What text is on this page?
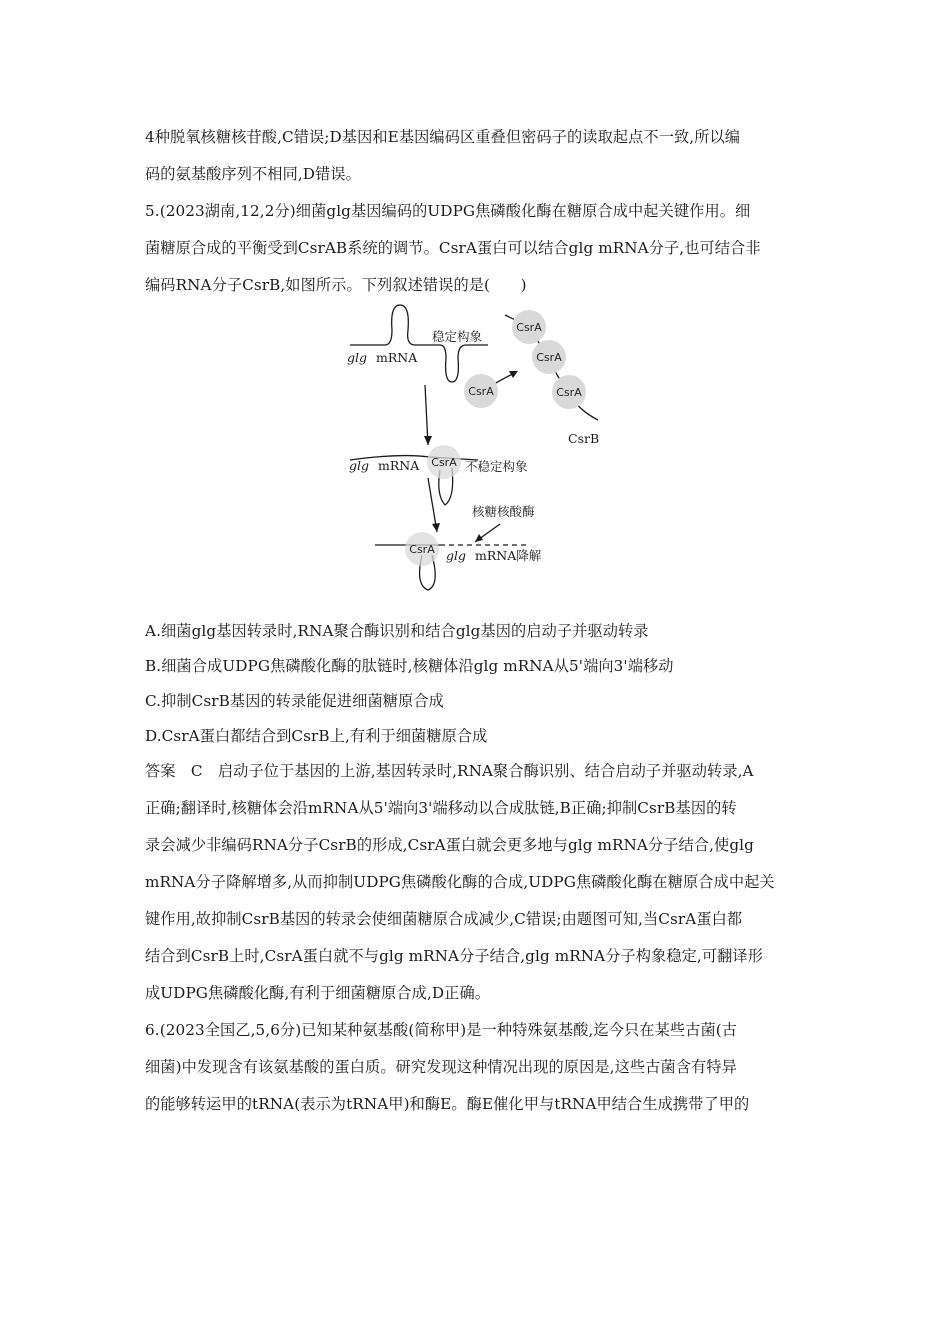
4种脱氧核糖核苷酸,C错误;D基因和E基因编码区重叠但密码子的读取起点不一致,所以编
码的氨基酸序列不相同,D错误。
5.(2023湖南,12,2分)细菌glg基因编码的UDPG焦磷酸化酶在糖原合成中起关键作用。细
菌糖原合成的平衡受到CsrAB系统的调节。CsrA蛋白可以结合glg mRNA分子,也可结合非
编码RNA分子CsrB,如图所示。下列叙述错误的是(　　)
CsrA
CsrA
CsrA
CsrA
CsrA
CsrA
glg mRNA
稳定构象
CsrB
glg mRNA	不稳定构象
核糖核酸酶
glg mRNA降解
A.细菌glg基因转录时,RNA聚合酶识别和结合glg基因的启动子并驱动转录
B.细菌合成UDPG焦磷酸化酶的肽链时,核糖体沿glg mRNA从5'端向3'端移动
C.抑制CsrB基因的转录能促进细菌糖原合成
D.CsrA蛋白都结合到CsrB上,有利于细菌糖原合成
答案　C　启动子位于基因的上游,基因转录时,RNA聚合酶识别、结合启动子并驱动转录,A
正确;翻译时,核糖体会沿mRNA从5'端向3'端移动以合成肽链,B正确;抑制CsrB基因的转
录会减少非编码RNA分子CsrB的形成,CsrA蛋白就会更多地与glg mRNA分子结合,使glg
mRNA分子降解增多,从而抑制UDPG焦磷酸化酶的合成,UDPG焦磷酸化酶在糖原合成中起关
键作用,故抑制CsrB基因的转录会使细菌糖原合成减少,C错误;由题图可知,当CsrA蛋白都
结合到CsrB上时,CsrA蛋白就不与glg mRNA分子结合,glg mRNA分子构象稳定,可翻译形
成UDPG焦磷酸化酶,有利于细菌糖原合成,D正确。
6.(2023全国乙,5,6分)已知某种氨基酸(简称甲)是一种特殊氨基酸,迄今只在某些古菌(古
细菌)中发现含有该氨基酸的蛋白质。研究发现这种情况出现的原因是,这些古菌含有特异
的能够转运甲的tRNA(表示为tRNA甲)和酶E。酶E催化甲与tRNA甲结合生成携带了甲的
